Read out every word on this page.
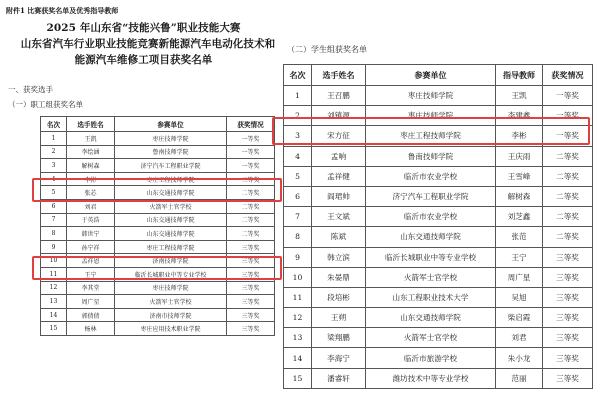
附件1 比赛获奖名单及优秀指导教师
2025 年山东省“技能兴鲁”职业技能大赛
山东省汽车行业职业技能竞赛新能源汽车电动化技术和
能源汽车维修工项目获奖名单
一、获奖选手
（一）职工组获奖名单
（二）学生组获奖名单
名次	选手姓名	参赛单位	获奖情况
1	王凯	枣庄技师学院	一等奖
2	李绘涵	鲁南技师学院	一等奖
3	解树森	济宁汽车工程职业学院	一等奖
4	李彬	枣庄工程技师学院	二等奖
5	张芯	山东交通技师学院	二等奖
6	刘君	火箭军士官学校	二等奖
7	于英浩	山东交通技师学院	二等奖
8	韩世宁	山东交通技师学院	二等奖
9	孙宁祥	枣庄工程技师学院	三等奖
10	孟祥恩	济南技师学院	三等奖
11	王宁	临沂长城职业中等专业学校	三等奖
12	李其堂	枣庄技师学院	三等奖
13	周广星	火箭军士官学校	三等奖
14	郭倩倩	济南市技师学院	三等奖
15	杨林	枣庄应用技术职业学院	三等奖
名次	选手姓名	参赛单位	指导教师	获奖情况
1	王召鹏	枣庄技师学院	王凯	一等奖
2	刘镇源	枣庄技师学院	李建鑫	一等奖
3	宋方征	枣庄工程技师学院	李彬	一等奖
4	孟响	鲁南技师学院	王庆雨	二等奖
5	孟祥健	临沂市农业学校	王雪峰	二等奖
6	阎珺帅	济宁汽车工程职业学院	解树森	二等奖
7	王文斌	临沂市农业学校	刘芝鑫	二等奖
8	陈斌	山东交通技师学院	张范	二等奖
9	韩立滨	临沂长城职业中等专业学校	王宁	三等奖
10	朱晏鼎	火箭军士官学校	周广星	三等奖
11	段培彬	山东工程职业技术大学	吴旭	三等奖
12	王朔	山东交通技师学院	柴启霞	三等奖
13	梁翔鹏	火箭军士官学校	刘君	三等奖
14	李海宁	临沂市旅游学校	朱小龙	三等奖
15	潘睿轩	潍坊技术中等专业学校	范丽	三等奖
